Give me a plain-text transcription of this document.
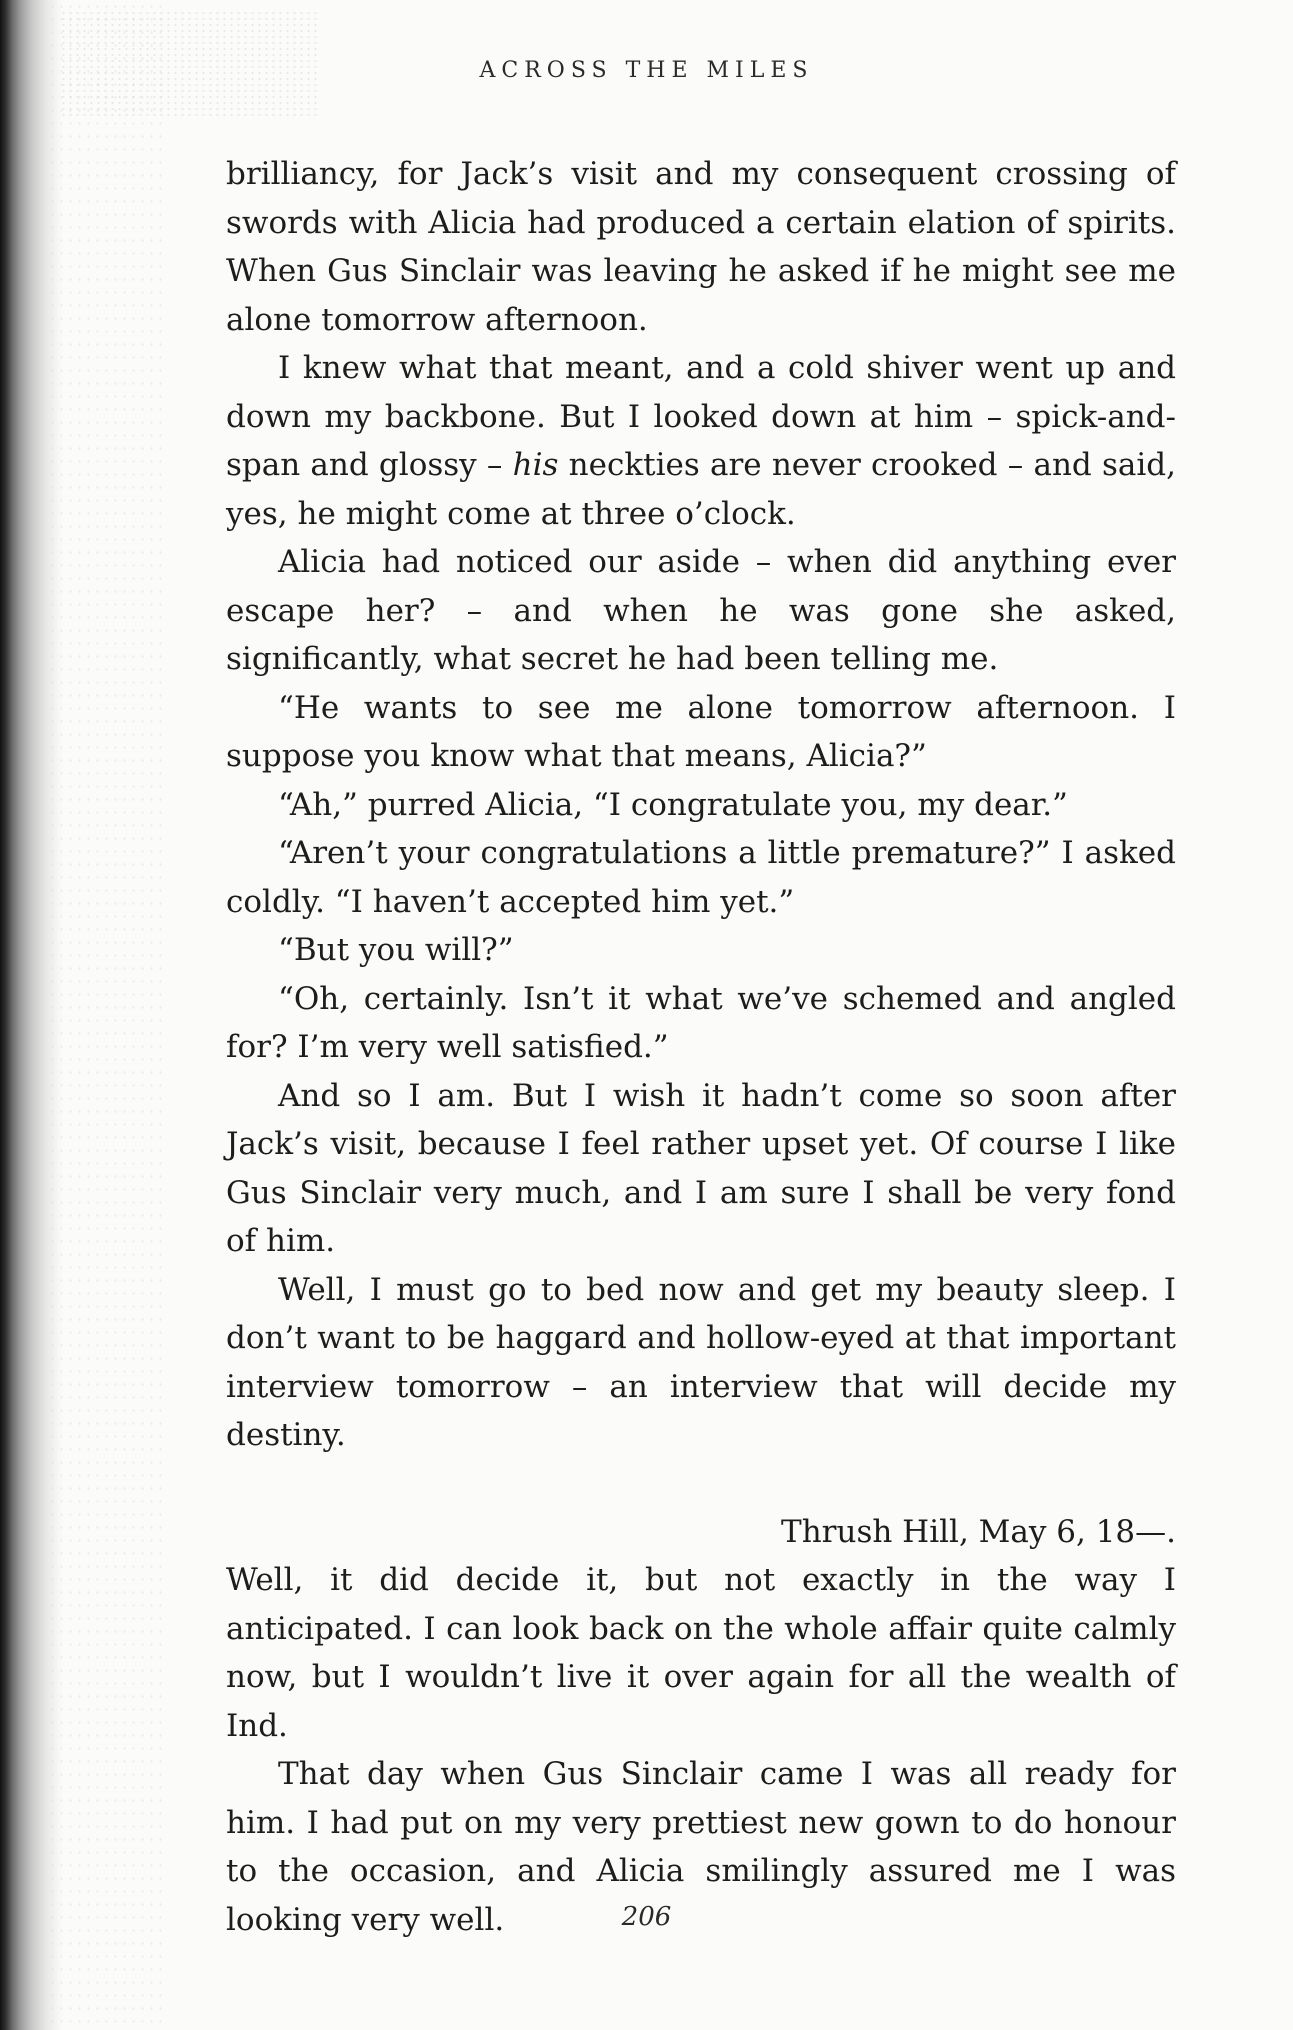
ACROSS THE MILES

brilliancy, for Jack’s visit and my consequent crossing of swords with Alicia had produced a certain elation of spirits. When Gus Sinclair was leaving he asked if he might see me alone tomorrow afternoon.

I knew what that meant, and a cold shiver went up and down my backbone. But I looked down at him – spick-and-span and glossy – his neckties are never crooked – and said, yes, he might come at three o’clock.

Alicia had noticed our aside – when did anything ever escape her? – and when he was gone she asked, significantly, what secret he had been telling me.

“He wants to see me alone tomorrow afternoon. I suppose you know what that means, Alicia?”

“Ah,” purred Alicia, “I congratulate you, my dear.”

“Aren’t your congratulations a little premature?” I asked coldly. “I haven’t accepted him yet.”

“But you will?”

“Oh, certainly. Isn’t it what we’ve schemed and angled for? I’m very well satisfied.”

And so I am. But I wish it hadn’t come so soon after Jack’s visit, because I feel rather upset yet. Of course I like Gus Sinclair very much, and I am sure I shall be very fond of him.

Well, I must go to bed now and get my beauty sleep. I don’t want to be haggard and hollow-eyed at that important interview tomorrow – an interview that will decide my destiny.

Thrush Hill, May 6, 18—.

Well, it did decide it, but not exactly in the way I anticipated. I can look back on the whole affair quite calmly now, but I wouldn’t live it over again for all the wealth of Ind.

That day when Gus Sinclair came I was all ready for him. I had put on my very prettiest new gown to do honour to the occasion, and Alicia smilingly assured me I was looking very well.	206
